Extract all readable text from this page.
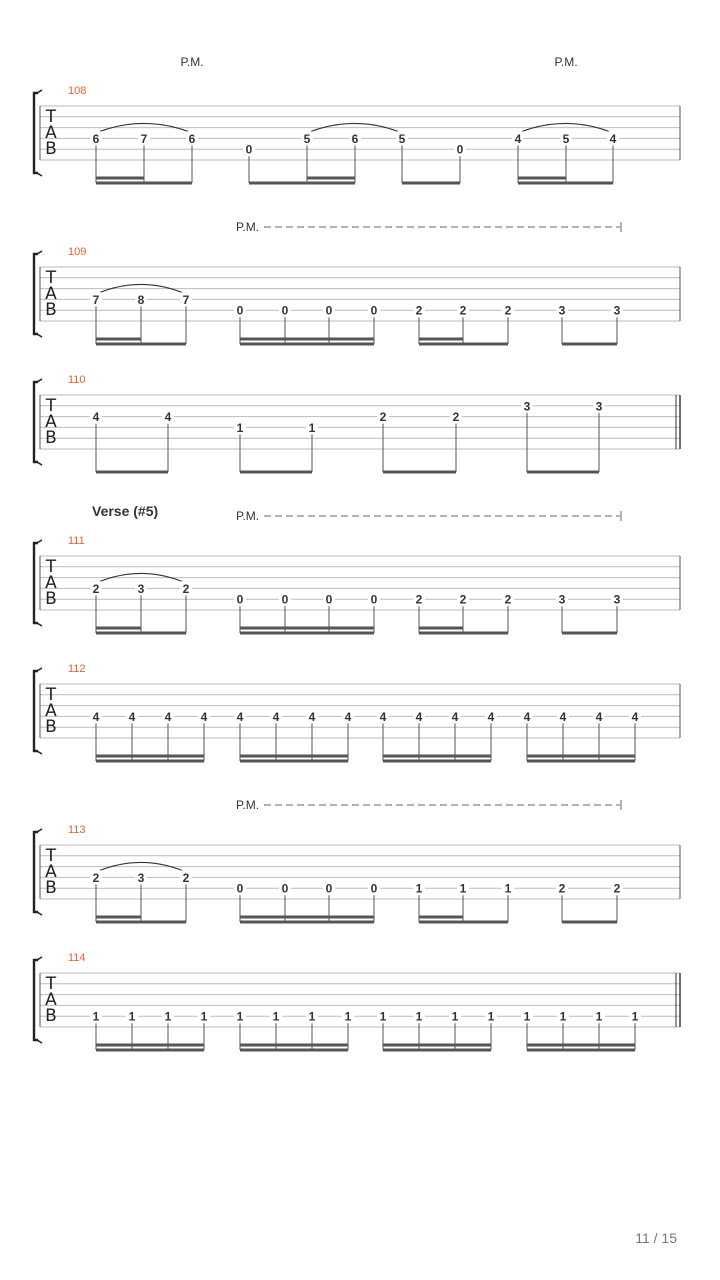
T
A
B
108
P.M.	P.M.
6	7	6
0
5	6	5
0
4	5	4
T
A
B
109
P.M.
7	8	7
0	0	0	0	2	2	2	3	3
T
A
B
110
4	4
1	1
2	2
3	3
T
A
B
111
Verse (#5)	P.M.
2	3	2
0	0	0	0	2	2	2	3	3
T
A
B
112
4 4 4 4 4 4 4 4 4 4 4 4 4 4 4 4
T
A
B
113
P.M.
2	3	2
0	0	0	0	1	1	1	2	2
T
A
B
114
1 1 1 1 1 1 1 1 1 1 1 1 1 1 1 1
11 / 15
